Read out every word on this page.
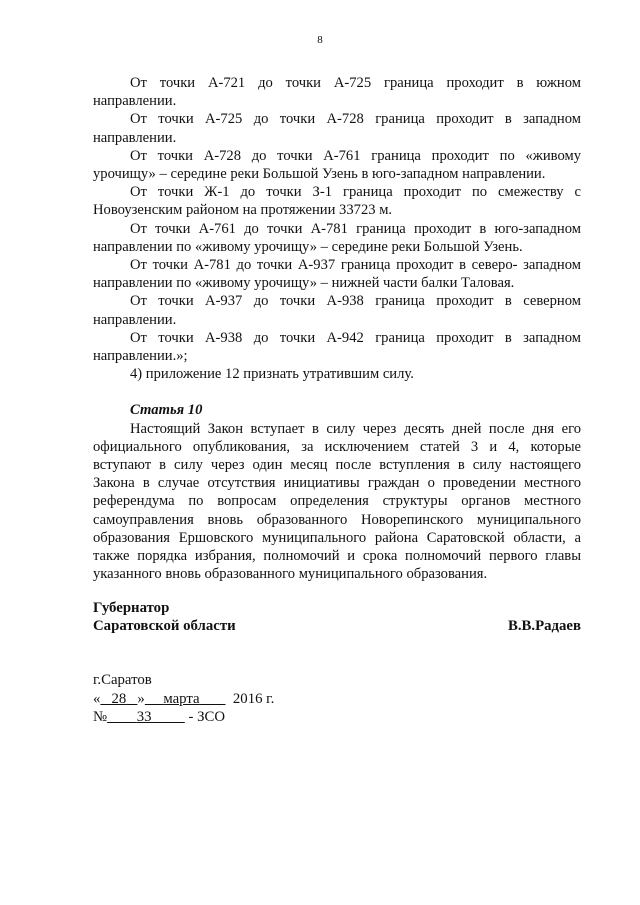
8

От точки А-721 до точки А-725 граница проходит в южном направлении.

От точки А-725 до точки А-728 граница проходит в западном направлении.

От точки А-728 до точки А-761 граница проходит по «живому урочищу» – середине реки Большой Узень в юго-западном направлении.

От точки Ж-1 до точки З-1 граница проходит по смежеству с Новоузенским районом на протяжении 33723 м.

От точки А-761 до точки А-781 граница проходит в юго-западном направлении по «живому урочищу» – середине реки Большой Узень.

От точки А-781 до точки А-937 граница проходит в северо- западном направлении по «живому урочищу» – нижней части балки Таловая.

От точки А-937 до точки А-938 граница проходит в северном направлении.

От точки А-938 до точки А-942 граница проходит в западном направлении.»;

4) приложение 12 признать утратившим силу.

Статья 10

Настоящий Закон вступает в силу через десять дней после дня его официального опубликования, за исключением статей 3 и 4, которые вступают в силу через один месяц после вступления в силу настоящего Закона в случае отсутствия инициативы граждан о проведении местного референдума по вопросам определения структуры органов местного самоуправления вновь образованного Новорепинского муниципального образования Ершовского муниципального района Саратовской области, а также порядка избрания, полномочий и срока полномочий первого главы указанного вновь образованного муниципального образования.

Губернатор
Саратовской области	В.В.Радаев
г.Саратов
« 28 » марта 2016 г.
№ 33	- ЗСО
